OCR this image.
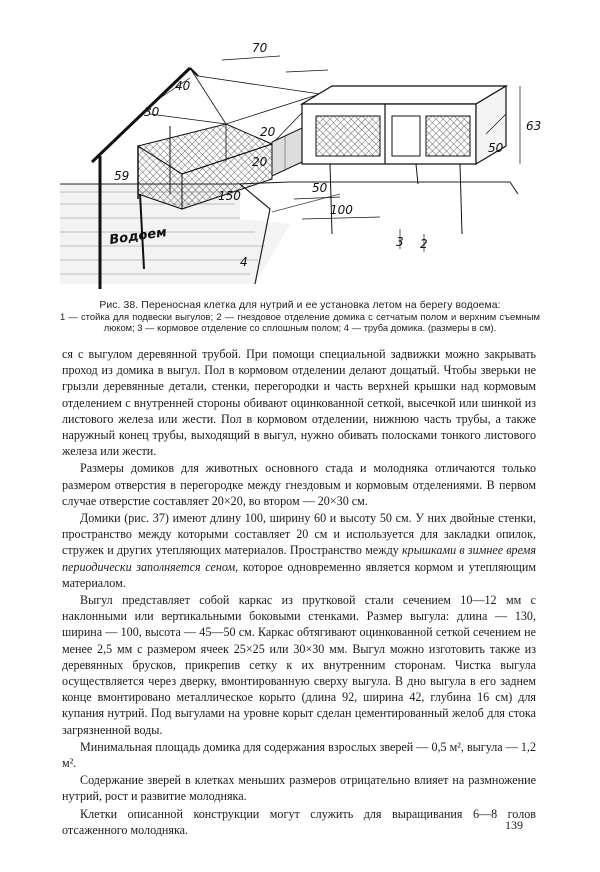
70
40
30
59
20
20
150
50
100
63
50
Водоем
4
3 2
Рис. 38. Переносная клетка для нутрий и ее установка летом на берегу водоема:
1 — стойка для подвески выгулов; 2 — гнездовое отделение домика с сетчатым полом и верхним съемным люком; 3 — кормовое отделение со сплошным полом; 4 — труба домика. (размеры в см).

ся с выгулом деревянной трубой. При помощи специальной задвижки можно закрывать проход из домика в выгул. Пол в кормовом отделении делают дощатый. Чтобы зверьки не грызли деревянные детали, стенки, перегородки и часть верхней крышки над кормовым отделением с внутренней стороны обивают оцинкованной сеткой, высечкой или шинкой из листового железа или жести. Пол в кормовом отделении, нижнюю часть трубы, а также наружный конец трубы, выходящий в выгул, нужно обивать полосками тонкого листового железа или жести.

Размеры домиков для животных основного стада и молодняка отличаются только размером отверстия в перегородке между гнездовым и кормовым отделениями. В первом случае отверстие составляет 20×20, во втором — 20×30 см.

Домики (рис. 37) имеют длину 100, ширину 60 и высоту 50 см. У них двойные стенки, пространство между которыми составляет 20 см и используется для закладки опилок, стружек и других утепляющих материалов. Пространство между крышками в зимнее время периодически заполняется сеном, которое одновременно является кормом и утепляющим материалом.

Выгул представляет собой каркас из прутковой стали сечением 10—12 мм с наклонными или вертикальными боковыми стенками. Размер выгула: длина — 130, ширина — 100, высота — 45—50 см. Каркас обтягивают оцинкованной сеткой сечением не менее 2,5 мм с размером ячеек 25×25 или 30×30 мм. Выгул можно изготовить также из деревянных брусков, прикрепив сетку к их внутренним сторонам. Чистка выгула осуществляется через дверку, вмонтированную сверху выгула. В дно выгула в его заднем конце вмонтировано металлическое корыто (длина 92, ширина 42, глубина 16 см) для купания нутрий. Под выгулами на уровне корыт сделан цементированный желоб для стока загрязненной воды.

Минимальная площадь домика для содержания взрослых зверей — 0,5 м², выгула — 1,2 м².

Содержание зверей в клетках меньших размеров отрицательно влияет на размножение нутрий, рост и развитие молодняка.

Клетки описанной конструкции могут служить для выращивания 6—8 голов отсаженного молодняка.	139
